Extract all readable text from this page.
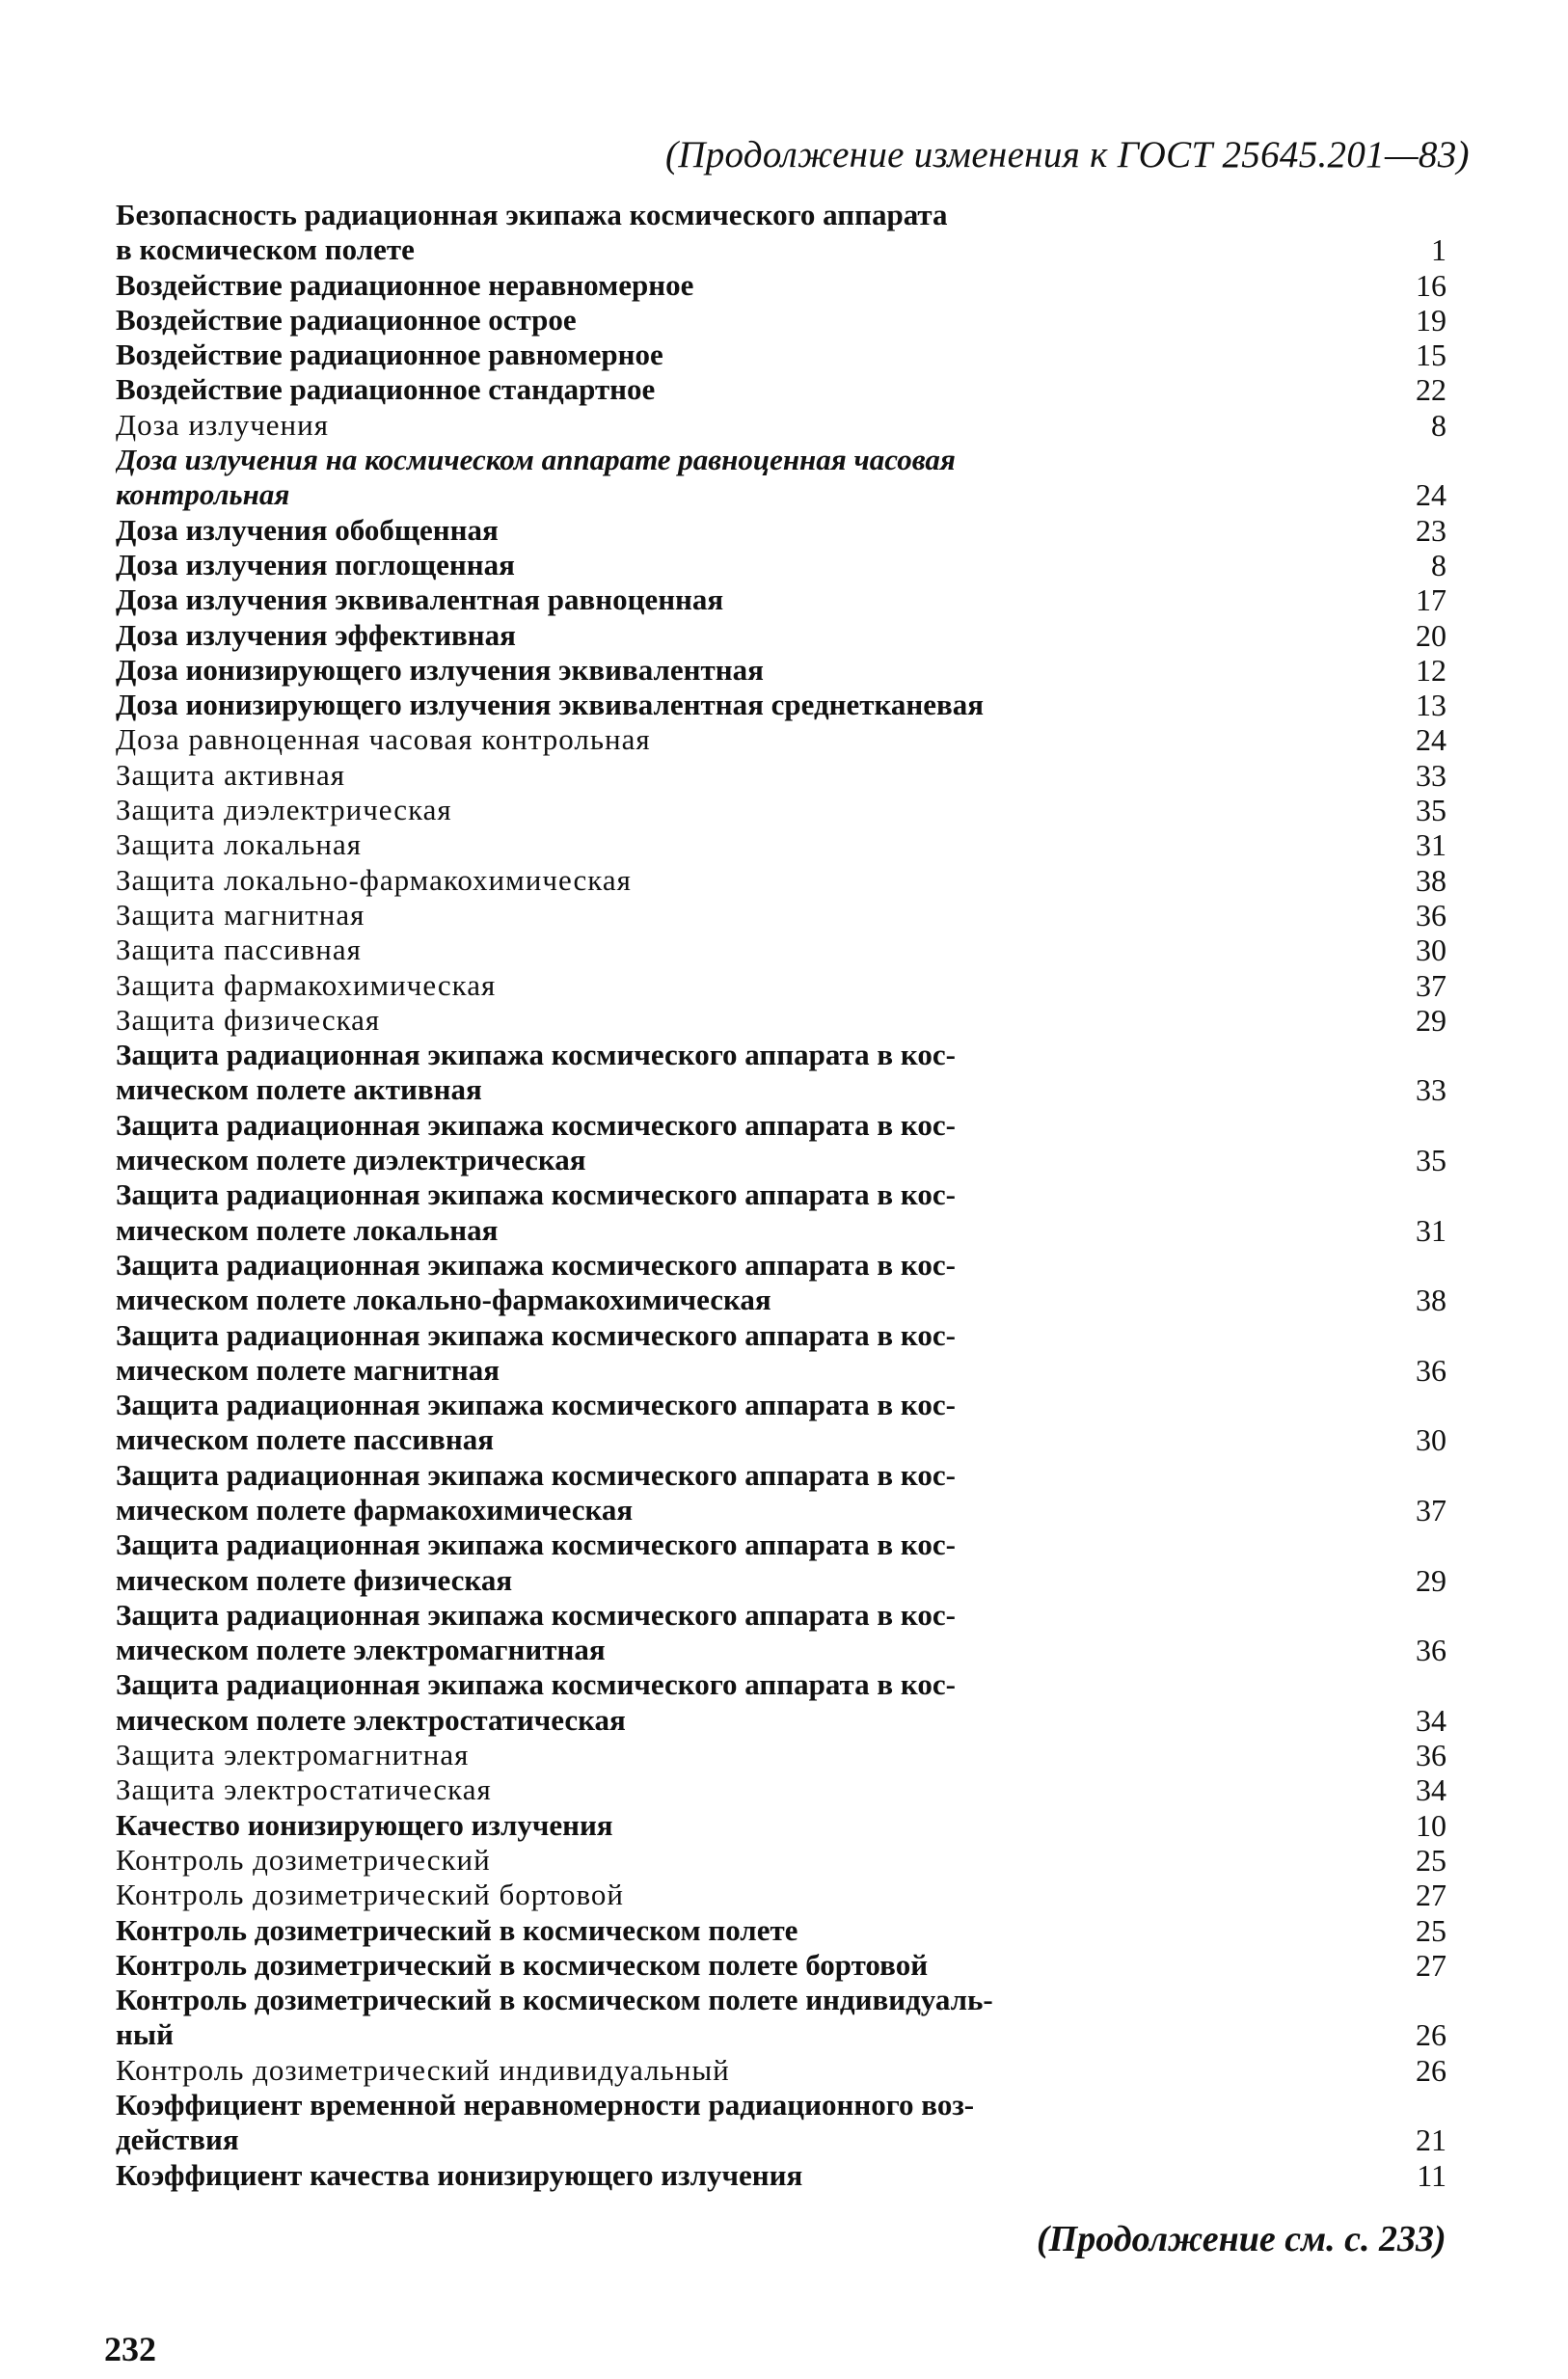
(Продолжение изменения к ГОСТ 25645.201—83)
Безопасность радиационная экипажа космического аппарата
в космическом полете	1
Воздействие радиационное неравномерное	16
Воздействие радиационное острое	19
Воздействие радиационное равномерное	15
Воздействие радиационное стандартное	22
Доза излучения	8
Доза излучения на космическом аппарате равноценная часовая
контрольная	24
Доза излучения обобщенная	23
Доза излучения поглощенная	8
Доза излучения эквивалентная равноценная	17
Доза излучения эффективная	20
Доза ионизирующего излучения эквивалентная	12
Доза ионизирующего излучения эквивалентная среднетканевая	13
Доза равноценная часовая контрольная	24
Защита активная	33
Защита диэлектрическая	35
Защита локальная	31
Защита локально-фармакохимическая	38
Защита магнитная	36
Защита пассивная	30
Защита фармакохимическая	37
Защита физическая	29
Защита радиационная экипажа космического аппарата в кос-
мическом полете активная	33
Защита радиационная экипажа космического аппарата в кос-
мическом полете диэлектрическая	35
Защита радиационная экипажа космического аппарата в кос-
мическом полете локальная	31
Защита радиационная экипажа космического аппарата в кос-
мическом полете локально-фармакохимическая	38
Защита радиационная экипажа космического аппарата в кос-
мическом полете магнитная	36
Защита радиационная экипажа космического аппарата в кос-
мическом полете пассивная	30
Защита радиационная экипажа космического аппарата в кос-
мическом полете фармакохимическая	37
Защита радиационная экипажа космического аппарата в кос-
мическом полете физическая	29
Защита радиационная экипажа космического аппарата в кос-
мическом полете электромагнитная	36
Защита радиационная экипажа космического аппарата в кос-
мическом полете электростатическая	34
Защита электромагнитная	36
Защита электростатическая	34
Качество ионизирующего излучения	10
Контроль дозиметрический	25
Контроль дозиметрический бортовой	27
Контроль дозиметрический в космическом полете	25
Контроль дозиметрический в космическом полете бортовой	27
Контроль дозиметрический в космическом полете индивидуаль-
ный	26
Контроль дозиметрический индивидуальный	26
Коэффициент временной неравномерности радиационного воз-
действия	21
Коэффициент качества ионизирующего излучения	11
(Продолжение см. с. 233)
232
